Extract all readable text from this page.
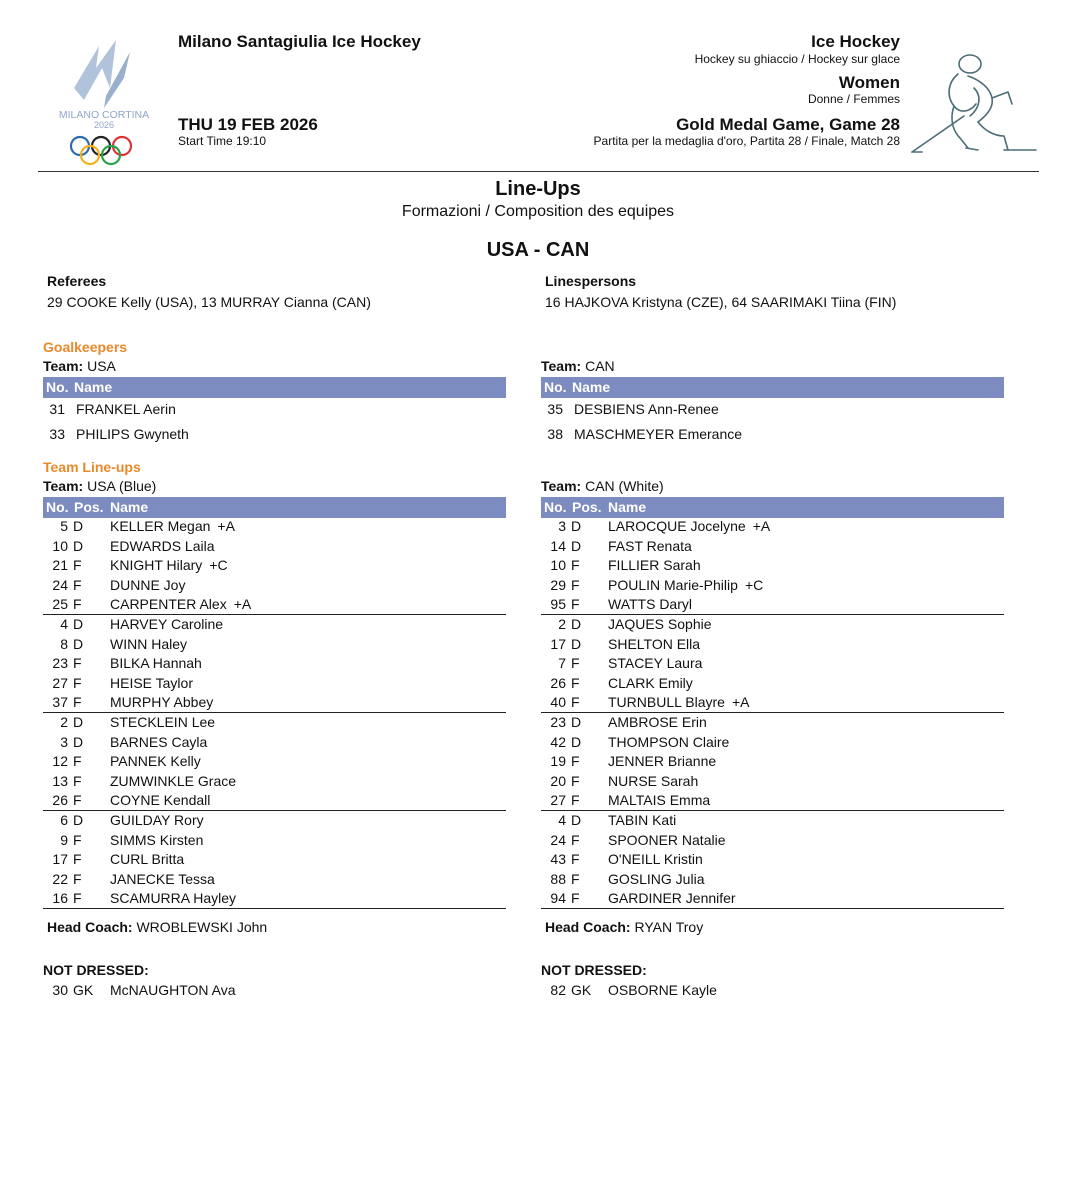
MILANO CORTINA
2026
Milano Santagiulia Ice Hockey
THU 19 FEB 2026
Start Time 19:10
Ice Hockey
Hockey su ghiaccio / Hockey sur glace
Women
Donne / Femmes
Gold Medal Game, Game 28
Partita per la medaglia d'oro, Partita 28 / Finale, Match 28
Line-Ups
Formazioni / Composition des equipes
USA - CAN
Referees
29 COOKE Kelly (USA), 13 MURRAY Cianna (CAN)
Linespersons
16 HAJKOVA Kristyna (CZE), 64 SAARIMAKI Tiina (FIN)
Goalkeepers
Team: USA	Team: CAN
No. Name	No. Name
31 FRANKEL Aerin
33 PHILIPS Gwyneth
35 DESBIENS Ann-Renee
38 MASCHMEYER Emerance
Team Line-ups
Team: USA (Blue)	Team: CAN (White)
No. Pos. Name	No. Pos. Name
5 D KELLER Megan +A
10 D EDWARDS Laila
21 F KNIGHT Hilary +C
24 F DUNNE Joy
25 F CARPENTER Alex +A
4 D HARVEY Caroline
8 D WINN Haley
23 F BILKA Hannah
27 F HEISE Taylor
37 F MURPHY Abbey
2 D STECKLEIN Lee
3 D BARNES Cayla
12 F PANNEK Kelly
13 F ZUMWINKLE Grace
26 F COYNE Kendall
6 D GUILDAY Rory
9 F SIMMS Kirsten
17 F CURL Britta
22 F JANECKE Tessa
16 F SCAMURRA Hayley
3 D LAROCQUE Jocelyne +A
14 D FAST Renata
10 F FILLIER Sarah
29 F POULIN Marie-Philip +C
95 F WATTS Daryl
2 D JAQUES Sophie
17 D SHELTON Ella
7 F STACEY Laura
26 F CLARK Emily
40 F TURNBULL Blayre +A
23 D AMBROSE Erin
42 D THOMPSON Claire
19 F JENNER Brianne
20 F NURSE Sarah
27 F MALTAIS Emma
4 D TABIN Kati
24 F SPOONER Natalie
43 F O'NEILL Kristin
88 F GOSLING Julia
94 F GARDINER Jennifer
Head Coach: WROBLEWSKI John	Head Coach: RYAN Troy
NOT DRESSED:	NOT DRESSED:
30 GK McNAUGHTON Ava	82 GK OSBORNE Kayle
